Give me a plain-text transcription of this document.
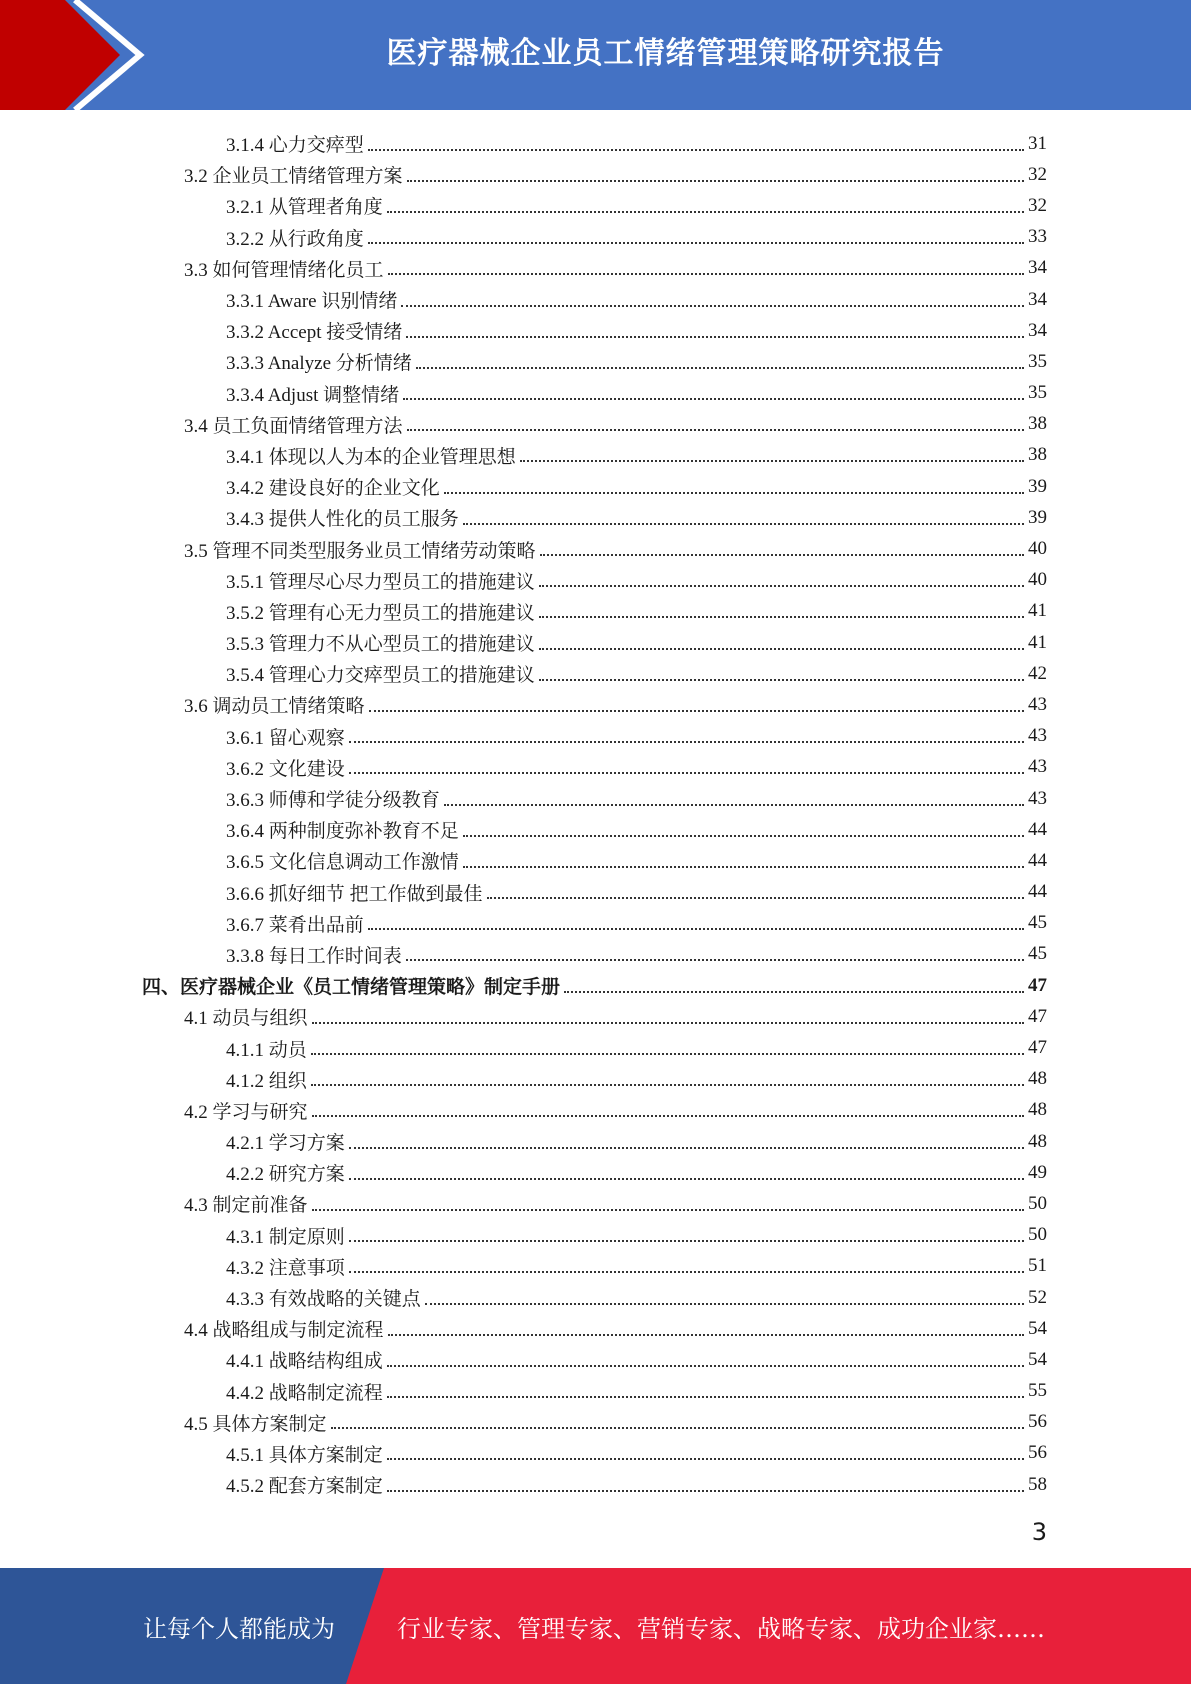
医疗器械企业员工情绪管理策略研究报告
3.1.4 心力交瘁型	31
3.2 企业员工情绪管理方案	32
3.2.1 从管理者角度	32
3.2.2 从行政角度	33
3.3 如何管理情绪化员工	34
3.3.1 Aware 识别情绪	34
3.3.2 Accept 接受情绪	34
3.3.3 Analyze 分析情绪	35
3.3.4 Adjust 调整情绪	35
3.4 员工负面情绪管理方法	38
3.4.1 体现以人为本的企业管理思想	38
3.4.2 建设良好的企业文化	39
3.4.3 提供人性化的员工服务	39
3.5 管理不同类型服务业员工情绪劳动策略	40
3.5.1 管理尽心尽力型员工的措施建议	40
3.5.2 管理有心无力型员工的措施建议	41
3.5.3 管理力不从心型员工的措施建议	41
3.5.4 管理心力交瘁型员工的措施建议	42
3.6 调动员工情绪策略	43
3.6.1 留心观察	43
3.6.2 文化建设	43
3.6.3 师傅和学徒分级教育	43
3.6.4 两种制度弥补教育不足	44
3.6.5 文化信息调动工作激情	44
3.6.6 抓好细节 把工作做到最佳	44
3.6.7 菜肴出品前	45
3.3.8 每日工作时间表	45
四、医疗器械企业《员工情绪管理策略》制定手册	47
4.1 动员与组织	47
4.1.1 动员	47
4.1.2 组织	48
4.2 学习与研究	48
4.2.1 学习方案	48
4.2.2 研究方案	49
4.3 制定前准备	50
4.3.1 制定原则	50
4.3.2 注意事项	51
4.3.3 有效战略的关键点	52
4.4 战略组成与制定流程	54
4.4.1 战略结构组成	54
4.4.2 战略制定流程	55
4.5 具体方案制定	56
4.5.1 具体方案制定	56
4.5.2 配套方案制定	58
3
让每个人都能成为	行业专家、管理专家、营销专家、战略专家、成功企业家……
